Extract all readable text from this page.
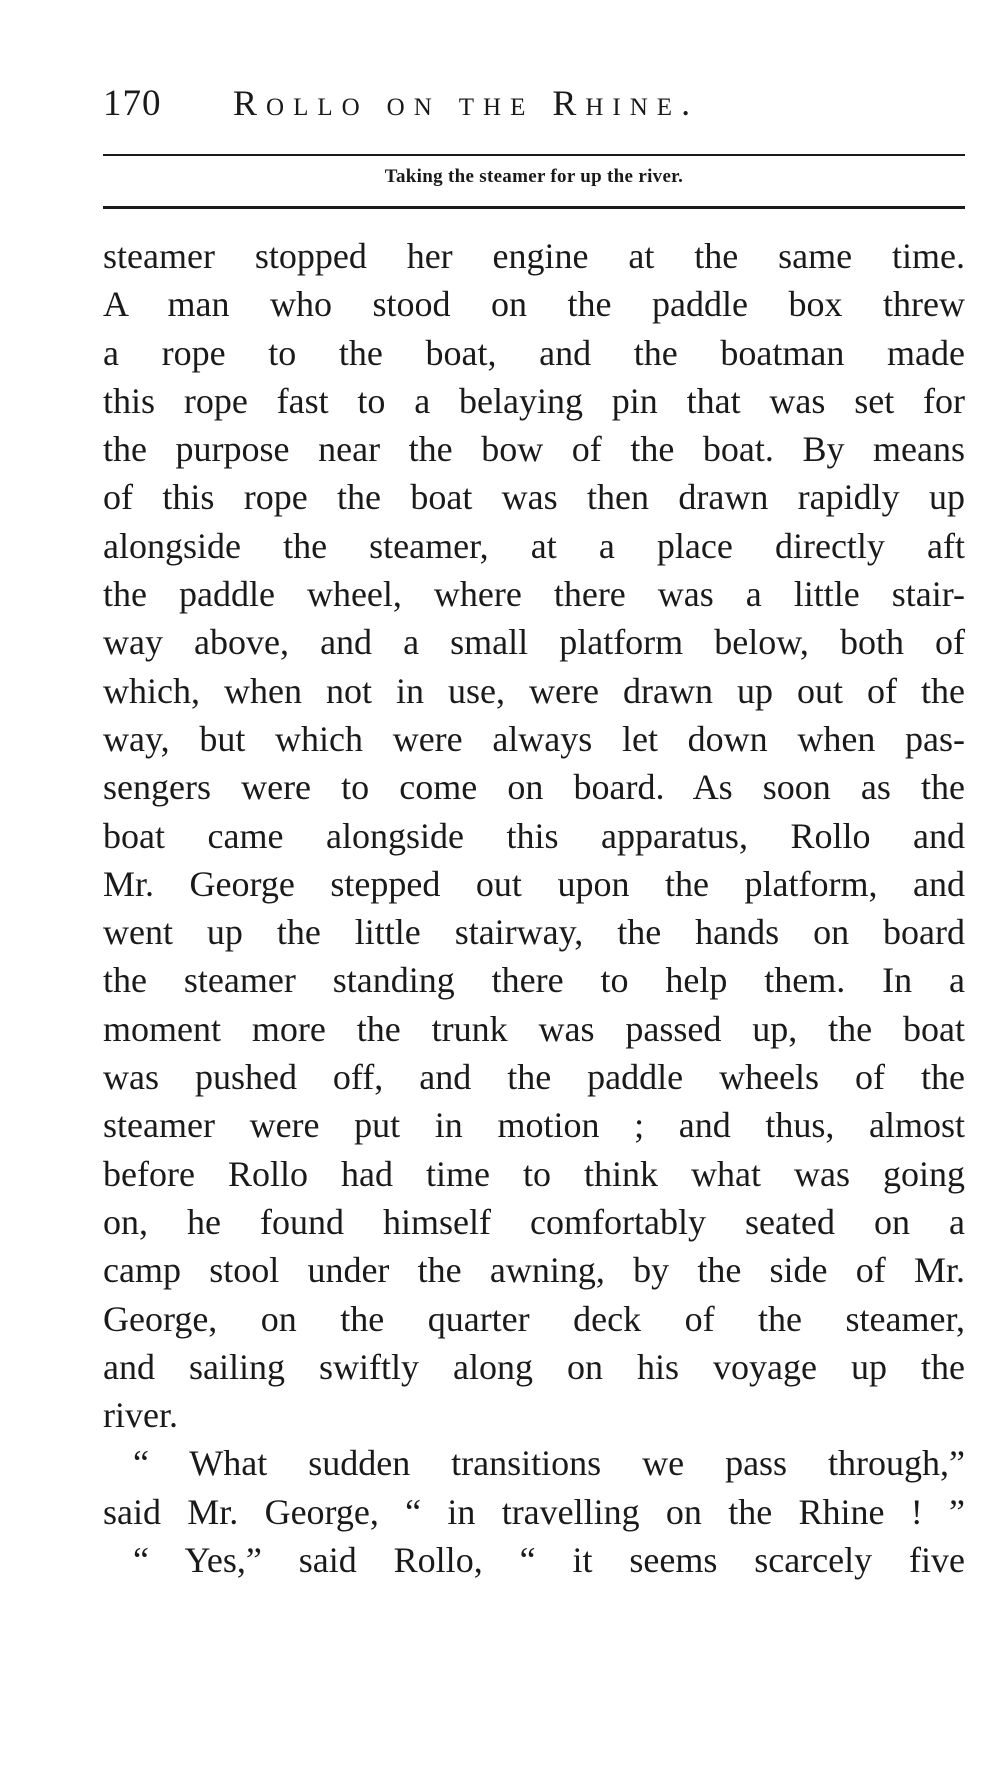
170	Rollo on the Rhine.
Taking the steamer for up the river.
steamer stopped her engine at the same time.
A man who stood on the paddle box threw
a rope to the boat, and the boatman made
this rope fast to a belaying pin that was set for
the purpose near the bow of the boat. By means
of this rope the boat was then drawn rapidly up
alongside the steamer, at a place directly aft
the paddle wheel, where there was a little stair-
way above, and a small platform below, both of
which, when not in use, were drawn up out of the
way, but which were always let down when pas-
sengers were to come on board. As soon as the
boat came alongside this apparatus, Rollo and
Mr. George stepped out upon the platform, and
went up the little stairway, the hands on board
the steamer standing there to help them. In a
moment more the trunk was passed up, the boat
was pushed off, and the paddle wheels of the
steamer were put in motion ; and thus, almost
before Rollo had time to think what was going
on, he found himself comfortably seated on a
camp stool under the awning, by the side of Mr.
George, on the quarter deck of the steamer,
and sailing swiftly along on his voyage up the
river.
“ What sudden transitions we pass through,”
said Mr. George, “ in travelling on the Rhine ! ”
“ Yes,” said Rollo, “ it seems scarcely five
